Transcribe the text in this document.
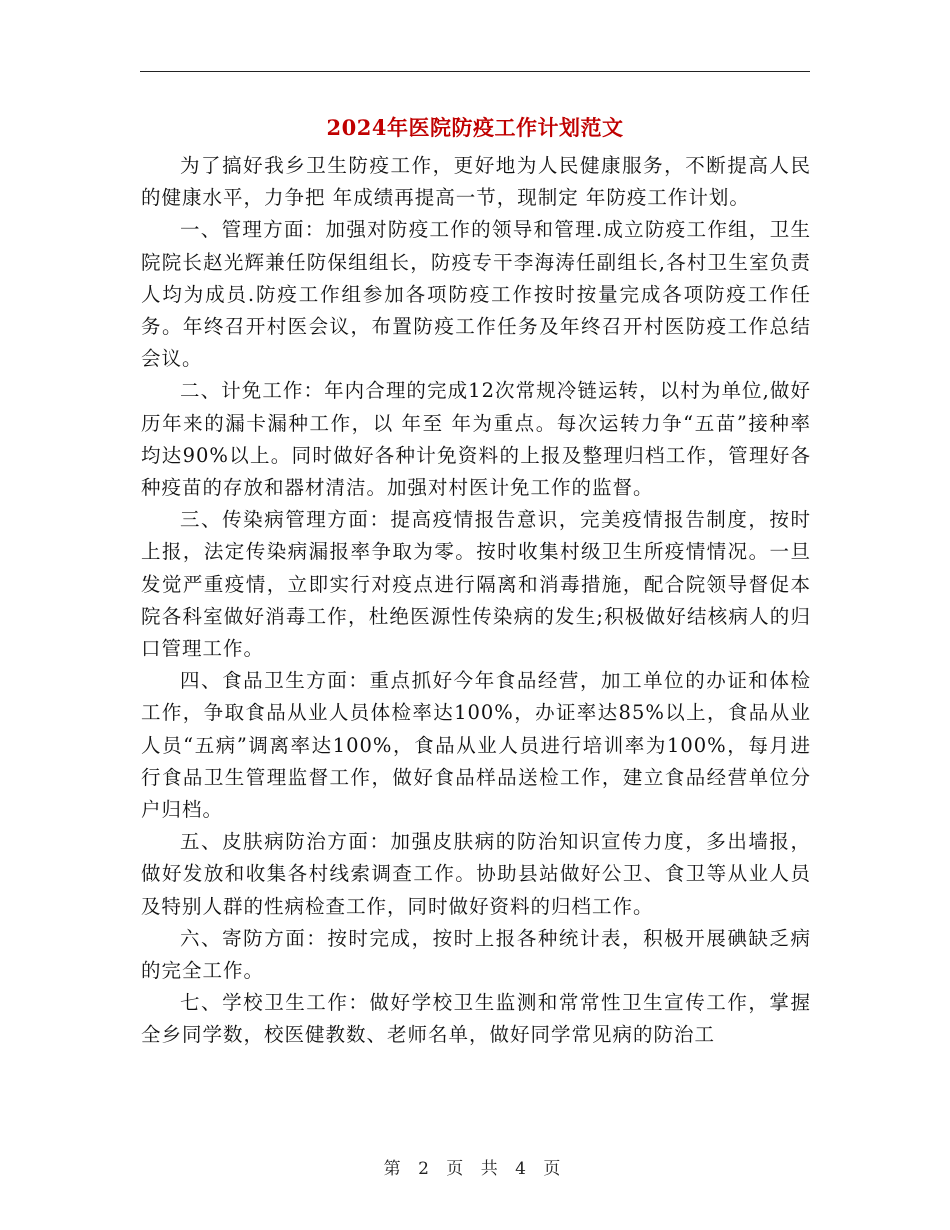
2024年医院防疫工作计划范文

为了搞好我乡卫生防疫工作，更好地为人民健康服务，不断提高人民的健康水平，力争把 年成绩再提高一节，现制定 年防疫工作计划。

一、管理方面：加强对防疫工作的领导和管理.成立防疫工作组，卫生院院长赵光辉兼任防保组组长，防疫专干李海涛任副组长,各村卫生室负责人均为成员.防疫工作组参加各项防疫工作按时按量完成各项防疫工作任务。年终召开村医会议，布置防疫工作任务及年终召开村医防疫工作总结会议。

二、计免工作：年内合理的完成12次常规冷链运转，以村为单位,做好历年来的漏卡漏种工作，以 年至 年为重点。每次运转力争“五苗”接种率均达90%以上。同时做好各种计免资料的上报及整理归档工作，管理好各种疫苗的存放和器材清洁。加强对村医计免工作的监督。

三、传染病管理方面：提高疫情报告意识，完美疫情报告制度，按时上报，法定传染病漏报率争取为零。按时收集村级卫生所疫情情况。一旦发觉严重疫情，立即实行对疫点进行隔离和消毒措施，配合院领导督促本院各科室做好消毒工作，杜绝医源性传染病的发生;积极做好结核病人的归口管理工作。

四、食品卫生方面：重点抓好今年食品经营，加工单位的办证和体检工作，争取食品从业人员体检率达100%，办证率达85%以上，食品从业人员“五病”调离率达100%，食品从业人员进行培训率为100%，每月进行食品卫生管理监督工作，做好食品样品送检工作，建立食品经营单位分户归档。

五、皮肤病防治方面：加强皮肤病的防治知识宣传力度，多出墙报，做好发放和收集各村线索调查工作。协助县站做好公卫、食卫等从业人员及特别人群的性病检查工作，同时做好资料的归档工作。

六、寄防方面：按时完成，按时上报各种统计表，积极开展碘缺乏病的完全工作。

七、学校卫生工作：做好学校卫生监测和常常性卫生宣传工作，掌握全乡同学数，校医健教数、老师名单，做好同学常见病的防治工

第 2 页 共 4 页
